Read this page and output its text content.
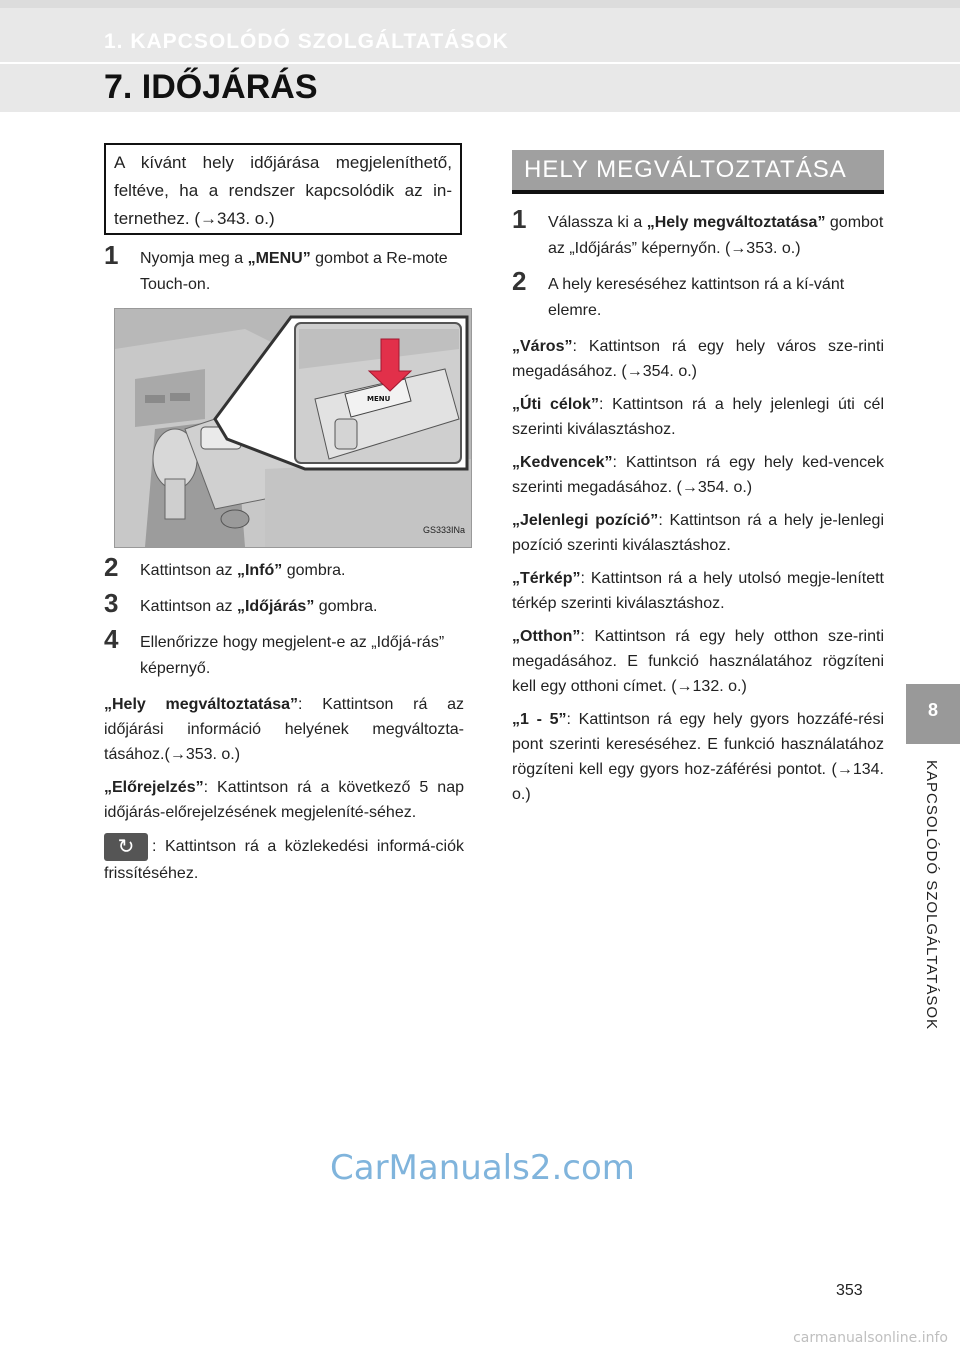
1. KAPCSOLÓDÓ SZOLGÁLTATÁSOK
7. IDŐJÁRÁS
A kívánt hely időjárása megjeleníthető, feltéve, ha a rendszer kapcsolódik az in-ternethez. (→343. o.)
1 Nyomja meg a „MENU” gombot a Re-mote Touch-on.
MENU
GS333INa
2 Kattintson az „Infó” gombra.
3 Kattintson az „Időjárás” gombra.
4 Ellenőrizze hogy megjelent-e az „Időjá-rás” képernyő.

„Hely megváltoztatása”: Kattintson rá az időjárási információ helyének megváltozta-tásához.(→353. o.)

„Előrejelzés”: Kattintson rá a következő 5 nap időjárás-előrejelzésének megjeleníté-séhez.

↻	: Kattintson rá a közlekedési informá-ciók frissítéséhez.

HELY MEGVÁLTOZTATÁSA
1 Válassza ki a „Hely megváltoztatása” gombot az „Időjárás” képernyőn. (→353. o.)
2 A hely kereséséhez kattintson rá a kí-vánt elemre.

„Város”: Kattintson rá egy hely város sze-rinti megadásához. (→354. o.)

„Úti célok”: Kattintson rá a hely jelenlegi úti cél szerinti kiválasztáshoz.

„Kedvencek”: Kattintson rá egy hely ked-vencek szerinti megadásához. (→354. o.)

„Jelenlegi pozíció”: Kattintson rá a hely je-lenlegi pozíció szerinti kiválasztáshoz.

„Térkép”: Kattintson rá a hely utolsó megje-lenített térkép szerinti kiválasztáshoz.

„Otthon”: Kattintson rá egy hely otthon sze-rinti megadásához. E funkció használatához rögzíteni kell egy otthoni címet. (→132. o.)

„1 - 5”: Kattintson rá egy hely gyors hozzáfé-rési pont szerinti kereséséhez. E funkció használatához rögzíteni kell egy gyors hoz-záférési pontot. (→134. o.)

8
KAPCSOLÓDÓ SZOLGÁLTATÁSOK
CarManuals2.com
353
carmanualsonline.info
